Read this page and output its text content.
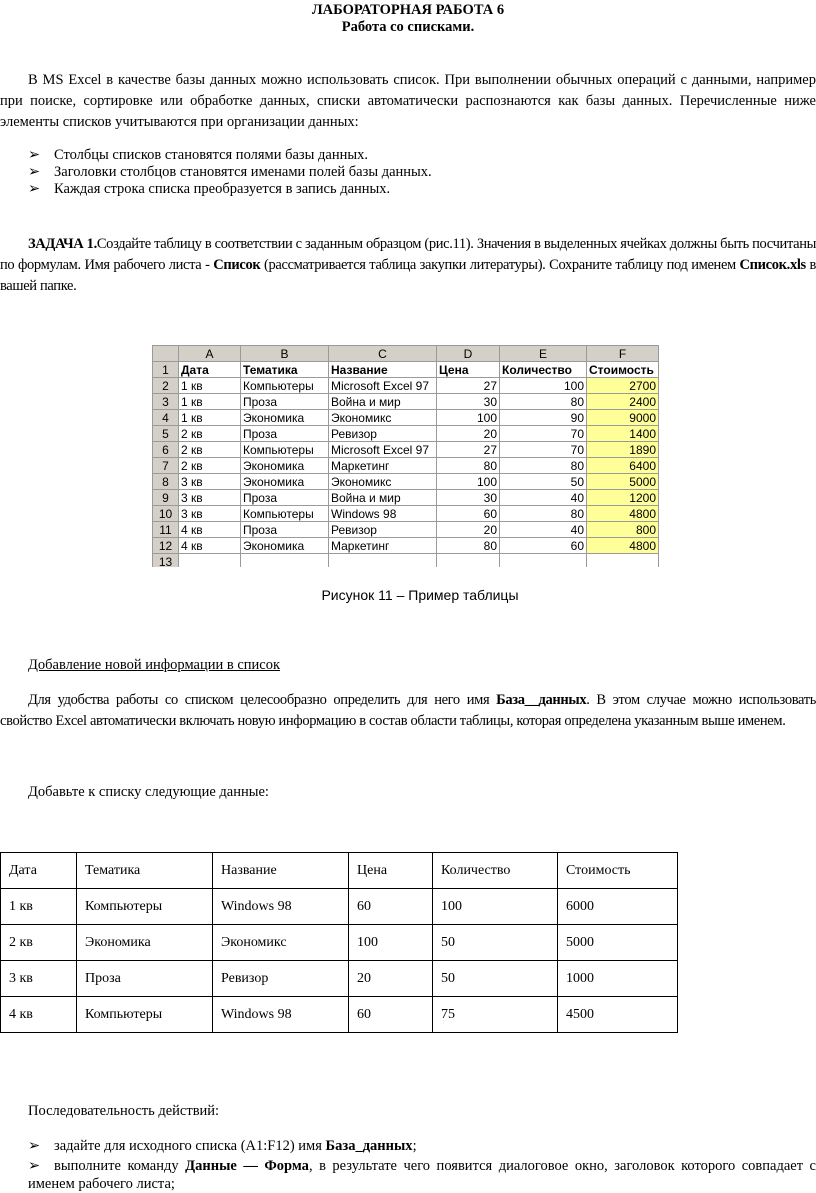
ЛАБОРАТОРНАЯ РАБОТА 6
Работа со списками.

В MS Excel в качестве базы данных можно использовать список. При выполнении обычных операций с данными, например при поиске, сортировке или обработке данных, списки автоматически распознаются как базы данных. Перечисленные ниже элементы списков учитываются при организации данных:

➢ Столбцы списков становятся полями базы данных.
➢ Заголовки столбцов становятся именами полей базы данных.
➢ Каждая строка списка преобразуется в запись данных.

ЗАДАЧА 1.Создайте таблицу в соответствии с заданным образцом (рис.11). Значения в выделенных ячейках должны быть посчитаны по формулам. Имя рабочего листа - Список (рассматривается таблица закупки литературы). Сохраните таблицу под именем Список.xls в вашей папке.

	A	B	C	D	E	F
1	Дата	Тематика	Название	Цена	Количество	Стоимость
2	1 кв	Компьютеры	Microsoft Excel 97	27	100	2700
3	1 кв	Проза	Война и мир	30	80	2400
4	1 кв	Экономика	Экономикс	100	90	9000
5	2 кв	Проза	Ревизор	20	70	1400
6	2 кв	Компьютеры	Microsoft Excel 97	27	70	1890
7	2 кв	Экономика	Маркетинг	80	80	6400
8	3 кв	Экономика	Экономикс	100	50	5000
9	3 кв	Проза	Война и мир	30	40	1200
10	3 кв	Компьютеры	Windows 98	60	80	4800
11	4 кв	Проза	Ревизор	20	40	800
12	4 кв	Экономика	Маркетинг	80	60	4800
13						
Рисунок 11 – Пример таблицы
Добавление новой информации в список

Для удобства работы со списком целесообразно определить для него имя База__данных. В этом случае можно использовать свойство Excel автоматически включать новую информацию в состав области таблицы, которая определена указанным выше именем.

Добавьте к списку следующие данные:
Дата	Тематика	Название	Цена	Количество	Стоимость
1 кв	Компьютеры	Windows 98	60	100	6000
2 кв	Экономика	Экономикс	100	50	5000
3 кв	Проза	Ревизор	20	50	1000
4 кв	Компьютеры	Windows 98	60	75	4500
Последовательность действий:
➢ задайте для исходного списка (A1:F12) имя База_данных;

➢ выполните команду Данные — Форма, в результате чего появится диалоговое окно, заголовок которого совпадает с именем рабочего листа;
